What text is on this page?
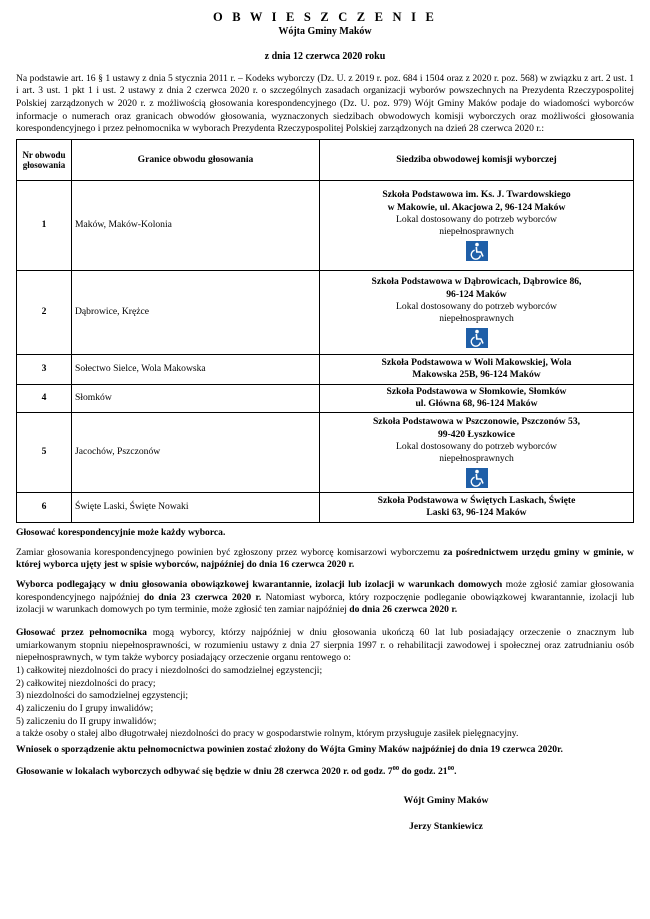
O B W I E S Z C Z E N I E
Wójta Gminy Maków
z dnia 12 czerwca 2020 roku

Na podstawie art. 16 § 1 ustawy z dnia 5 stycznia 2011 r. – Kodeks wyborczy (Dz. U. z 2019 r. poz. 684 i 1504 oraz z 2020 r. poz. 568) w związku z art. 2 ust. 1 i art. 3 ust. 1 pkt 1 i ust. 2 ustawy z dnia 2 czerwca 2020 r. o szczególnych zasadach organizacji wyborów powszechnych na Prezydenta Rzeczypospolitej Polskiej zarządzonych w 2020 r. z możliwością głosowania korespondencyjnego (Dz. U. poz. 979) Wójt Gminy Maków podaje do wiadomości wyborców informacje o numerach oraz granicach obwodów głosowania, wyznaczonych siedzibach obwodowych komisji wyborczych oraz możliwości głosowania korespondencyjnego i przez pełnomocnika w wyborach Prezydenta Rzeczypospolitej Polskiej zarządzonych na dzień 28 czerwca 2020 r.:

Nr obwodu
głosowania	Granice obwodu głosowania	Siedziba obwodowej komisji wyborczej
1	Maków, Maków-Kolonia	Szkoła Podstawowa im. Ks. J. Twardowskiego
w Makowie, ul. Akacjowa 2, 96-124 Maków
Lokal dostosowany do potrzeb wyborców
niepełnosprawnych

2	Dąbrowice, Krężce	Szkoła Podstawowa w Dąbrowicach, Dąbrowice 86,
96-124 Maków
Lokal dostosowany do potrzeb wyborców
niepełnosprawnych

3	Sołectwo Sielce, Wola Makowska	Szkoła Podstawowa w Woli Makowskiej, Wola
Makowska 25B, 96-124 Maków

4	Słomków	Szkoła Podstawowa w Słomkowie, Słomków
ul. Główna 68, 96-124 Maków

5	Jacochów, Pszczonów	Szkoła Podstawowa w Pszczonowie, Pszczonów 53,
99-420 Łyszkowice
Lokal dostosowany do potrzeb wyborców
niepełnosprawnych

6	Święte Laski, Święte Nowaki	Szkoła Podstawowa w Świętych Laskach, Święte
Laski 63, 96-124 Maków

Głosować korespondencyjnie może każdy wyborca.

Zamiar głosowania korespondencyjnego powinien być zgłoszony przez wyborcę komisarzowi wyborczemu za pośrednictwem urzędu gminy w gminie, w której wyborca ujęty jest w spisie wyborców, najpóźniej do dnia 16 czerwca 2020 r.

Wyborca podlegający w dniu głosowania obowiązkowej kwarantannie, izolacji lub izolacji w warunkach domowych może zgłosić zamiar głosowania korespondencyjnego najpóźniej do dnia 23 czerwca 2020 r. Natomiast wyborca, który rozpoczęnie podleganie obowiązkowej kwarantannie, izolacji lub izolacji w warunkach domowych po tym terminie, może zgłosić ten zamiar najpóźniej do dnia 26 czerwca 2020 r.

Głosować przez pełnomocnika mogą wyborcy, którzy najpóźniej w dniu głosowania ukończą 60 lat lub posiadający orzeczenie o znacznym lub umiarkowanym stopniu niepełnosprawności, w rozumieniu ustawy z dnia 27 sierpnia 1997 r. o rehabilitacji zawodowej i społecznej oraz zatrudnianiu osób niepełnosprawnych, w tym także wyborcy posiadający orzeczenie organu rentowego o:

1) całkowitej niezdolności do pracy i niezdolności do samodzielnej egzystencji;
2) całkowitej niezdolności do pracy;
3) niezdolności do samodzielnej egzystencji;
4) zaliczeniu do I grupy inwalidów;
5) zaliczeniu do II grupy inwalidów;
a także osoby o stałej albo długotrwałej niezdolności do pracy w gospodarstwie rolnym, którym przysługuje zasiłek pielęgnacyjny.

Wniosek o sporządzenie aktu pełnomocnictwa powinien zostać złożony do Wójta Gminy Maków najpóźniej do dnia 19 czerwca 2020r.

Głosowanie w lokalach wyborczych odbywać się będzie w dniu 28 czerwca 2020 r. od godz. $7^{00}$ do godz. $21^{00}$.

Wójt Gminy Maków
Jerzy Stankiewicz
